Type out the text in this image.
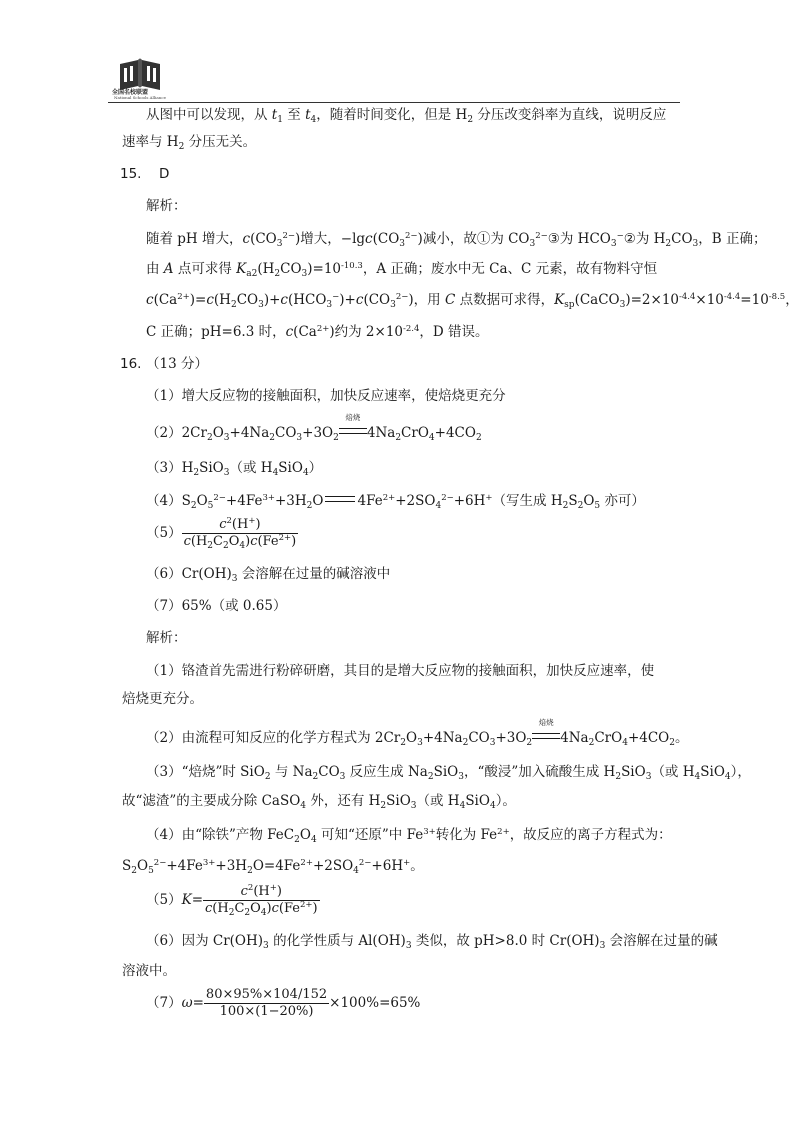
全国名校联盟
National Schools Alliance
从图中可以发现，从 $t_1$ 至 $t_4$，随着时间变化，但是 $H_2$ 分压改变斜率为直线，说明反应
速率与 $H_2$ 分压无关。
15. D
解析：
随着 pH 增大，$c(CO_3^{2-})$增大，$-\lg c(CO_3^{2-})$减小，故①为 $CO_3^{2-}③$为 $HCO_3^-②$为 $H_2CO_3$，B 正确；
由 A 点可求得 $K_{a2}(H_2CO_3)=10^{-10.3}$，A 正确；废水中无 Ca、C 元素，故有物料守恒
$c(Ca^{2+})=c(H_2CO_3)+c(HCO_3^-)+c(CO_3^{2-})$，用 C 点数据可求得，$K_{sp}(CaCO_3)=2\times 10^{-4.4}\times 10^{-4.4}=10^{-8.5}$，
C 正确；pH=6.3 时，$c(Ca^{2+})$约为 $2\times 10^{-2.4}$，D 错误。
16. （13 分）
（1）增大反应物的接触面积，加快反应速率，使焙烧更充分
$(2)2Cr_2O_3+4Na_2CO_3+3O_2$
焙烧
$4Na_2CrO_4+4CO_2$
$(3)H_2SiO_3$（或 $H_4SiO_4$）
$(4)S_2O_5^{2-}+4Fe^{3+}+3H_2O$	$4Fe^{2+}+2SO_4^{2-}+6H^+$（写生成 $H_2S_2O_5$ 亦可）
$(5) \frac{c^2(H^+)}{c(H_2C_2O_4)c(Fe^{2+})}$
$(6)Cr(OH)_3$ 会溶解在过量的碱溶液中
（7）65%（或 0.65）
解析：
（1）铬渣首先需进行粉碎研磨，其目的是增大反应物的接触面积，加快反应速率，使
焙烧更充分。
（2）由流程可知反应的化学方程式为 $2Cr_2O_3+4Na_2CO_3+3O_2$
焙烧
$4Na_2CrO_4+4CO_2$。
（3）“焙烧”时 SiO$_2$ 与 $Na_2CO_3$ 反应生成 $Na_2SiO_3$，“酸浸”加入硫酸生成 $H_2SiO_3$（或 $H_4SiO_4$），
故“滤渣”的主要成分除 CaSO$_4$ 外，还有 $H_2SiO_3$（或 $H_4SiO_4$）。
（4）由“除铁”产物 $FeC_2O_4$ 可知“还原”中 $Fe^{3+}$转化为 $Fe^{2+}$，故反应的离子方程式为：
$S_2O_5^{2-}+4Fe^{3+}+3H_2O=4Fe^{2+}+2SO_4^{2-}+6H^+$。
$(5)K= \frac{c^2(H^+)}{c(H_2C_2O_4)c(Fe^{2+})}$
（6）因为 $Cr(OH)_3$ 的化学性质与 $Al(OH)_3$ 类似，故 pH>8.0 时 $Cr(OH)_3$ 会溶解在过量的碱
溶液中。
$(7)\omega= \frac{80\times 95\%\times 104/152}{100\times(1-20\%)} \times 100\%=65\%$
